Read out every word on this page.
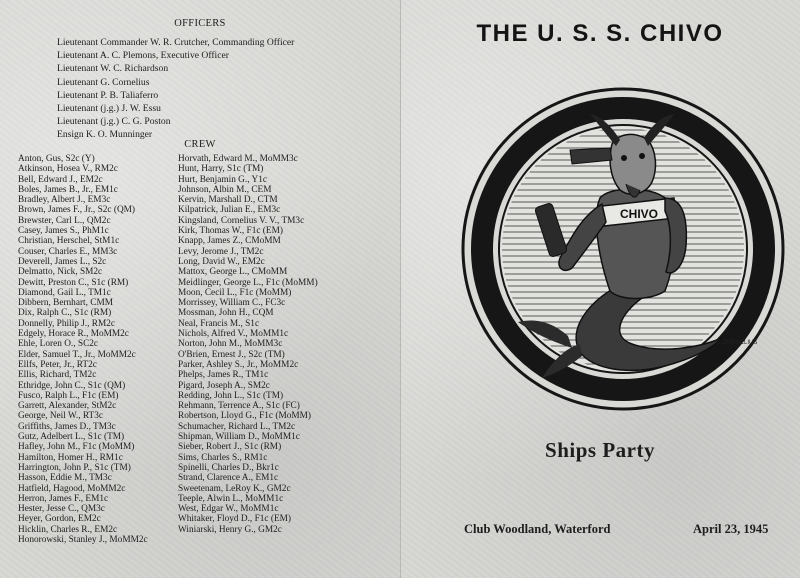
OFFICERS
Lieutenant Commander W. R. Crutcher, Commanding Officer
Lieutenant A. C. Plemons, Executive Officer
Lieutenant W. C. Richardson
Lieutenant G. Cornelius
Lieutenant P. B. Taliaferro
Lieutenant (j.g.) J. W. Essu
Lieutenant (j.g.) C. G. Poston
Ensign K. O. Munninger
CREW
Anton, Gus, S2c (Y)
Atkinson, Hosea V., RM2c
Bell, Edward J., EM2c
Boles, James B., Jr., EM1c
Bradley, Albert J., EM3c
Brown, James F., Jr., S2c (QM)
Brewster, Carl L., QM2c
Casey, James S., PhM1c
Christian, Herschel, StM1c
Couser, Charles E., MM3c
Deverell, James L., S2c
Delmatto, Nick, SM2c
Dewitt, Preston C., S1c (RM)
Diamond, Gail L., TM1c
Dibbern, Bernhart, CMM
Dix, Ralph C., S1c (RM)
Donnelly, Philip J., RM2c
Edgely, Horace R., MoMM2c
Ehle, Loren O., SC2c
Elder, Samuel T., Jr., MoMM2c
Ellfs, Peter, Jr., RT2c
Ellis, Richard, TM2c
Ethridge, John C., S1c (QM)
Fusco, Ralph L., F1c (EM)
Garrett, Alexander, StM2c
George, Neil W., RT3c
Griffiths, James D., TM3c
Gutz, Adelbert L., S1c (TM)
Hafley, John M., F1c (MoMM)
Hamilton, Homer H., RM1c
Harrington, John P., S1c (TM)
Hasson, Eddie M., TM3c
Hatfield, Hagood, MoMM2c
Herron, James F., EM1c
Hester, Jesse C., QM3c
Heyer, Gordon, EM2c
Hicklin, Charles R., EM2c
Honorowski, Stanley J., MoMM2c
Horvath, Edward M., MoMM3c
Hunt, Harry, S1c (TM)
Hurt, Benjamin G., Y1c
Johnson, Albin M., CEM
Kervin, Marshall D., CTM
Kilpatrick, Julian E., EM3c
Kingsland, Cornelius V. V., TM3c
Kirk, Thomas W., F1c (EM)
Knapp, James Z., CMoMM
Levy, Jerome J., TM2c
Long, David W., EM2c
Mattox, George L., CMoMM
Meidlinger, George L., F1c (MoMM)
Moon, Cecil L., F1c (MoMM)
Morrissey, William C., FC3c
Mossman, John H., CQM
Neal, Francis M., S1c
Nichols, Alfred V., MoMM1c
Norton, John M., MoMM3c
O'Brien, Ernest J., S2c (TM)
Parker, Ashley S., Jr., MoMM2c
Phelps, James R., TM1c
Pigard, Joseph A., SM2c
Redding, John L., S1c (TM)
Rehmann, Terrence A., S1c (FC)
Robertson, Lloyd G., F1c (MoMM)
Schumacher, Richard L., TM2c
Shipman, William D., MoMM1c
Sieber, Robert J., S1c (RM)
Sims, Charles S., RM1c
Spinelli, Charles D., Bkr1c
Strand, Clarence A., EM1c
Sweetenam, LeRoy K., GM2c
Teeple, Alwin L., MoMM1c
West, Edgar W., MoMM1c
Whitaker, Floyd D., F1c (EM)
Winiarski, Henry G., GM2c
THE U. S. S. CHIVO
CHIVO
G.CORNELIUS
Ships Party
Club Woodland, Waterford	April 23, 1945
